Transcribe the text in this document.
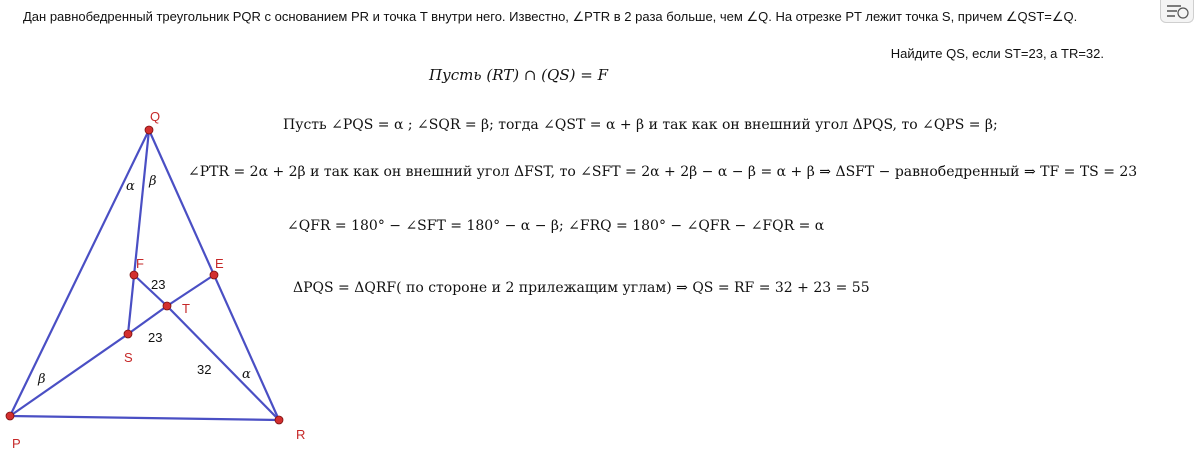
Дан равнобедренный треугольник PQR с основанием PR и точка T внутри него. Известно, ∠PTR в 2 раза больше, чем ∠Q. На отрезке PT лежит точка S, причем ∠QST=∠Q.
Найдите QS, если ST=23, а TR=32.
Пусть (RT) ∩ (QS) = F
Пусть ∠PQS = α ; ∠SQR = β; тогда ∠QST = α + β и так как он внешний угол ΔPQS, то ∠QPS = β;
∠PTR = 2α + 2β и так как он внешний угол ΔFST, то ∠SFT = 2α + 2β − α − β = α + β ⇒ ΔSFT − равнобедренный ⇒ TF = TS = 23
∠QFR = 180° − ∠SFT = 180° − α − β; ∠FRQ = 180° − ∠QFR − ∠FQR = α
ΔPQS = ΔQRF( по стороне и 2 прилежащим углам) ⇒ QS = RF = 32 + 23 = 55
Q
P
R
F	E
T
S
23
23
32
α β
β	α
